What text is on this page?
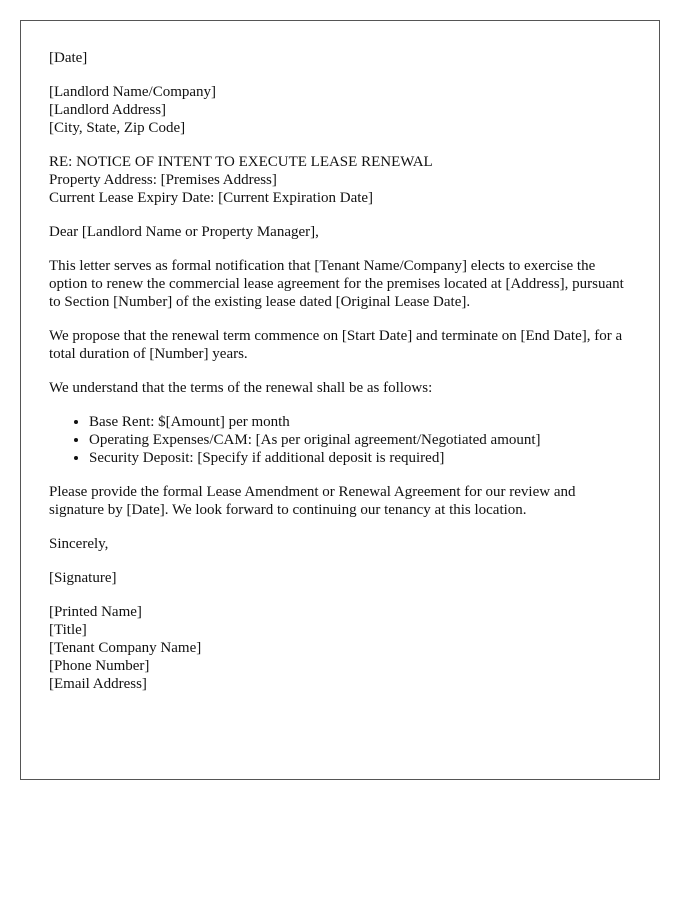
[Date]
[Landlord Name/Company]
[Landlord Address]
[City, State, Zip Code]
RE: NOTICE OF INTENT TO EXECUTE LEASE RENEWAL
Property Address: [Premises Address]
Current Lease Expiry Date: [Current Expiration Date]

Dear [Landlord Name or Property Manager],

This letter serves as formal notification that [Tenant Name/Company] elects to exercise the option to renew the commercial lease agreement for the premises located at [Address], pursuant to Section [Number] of the existing lease dated [Original Lease Date].

We propose that the renewal term commence on [Start Date] and terminate on [End Date], for a total duration of [Number] years.

We understand that the terms of the renewal shall be as follows:

• Base Rent: $[Amount] per month
• Operating Expenses/CAM: [As per original agreement/Negotiated amount]
• Security Deposit: [Specify if additional deposit is required]

Please provide the formal Lease Amendment or Renewal Agreement for our review and signature by [Date]. We look forward to continuing our tenancy at this location.

Sincerely,

[Signature]

[Printed Name]
[Title]
[Tenant Company Name]
[Phone Number]
[Email Address]
